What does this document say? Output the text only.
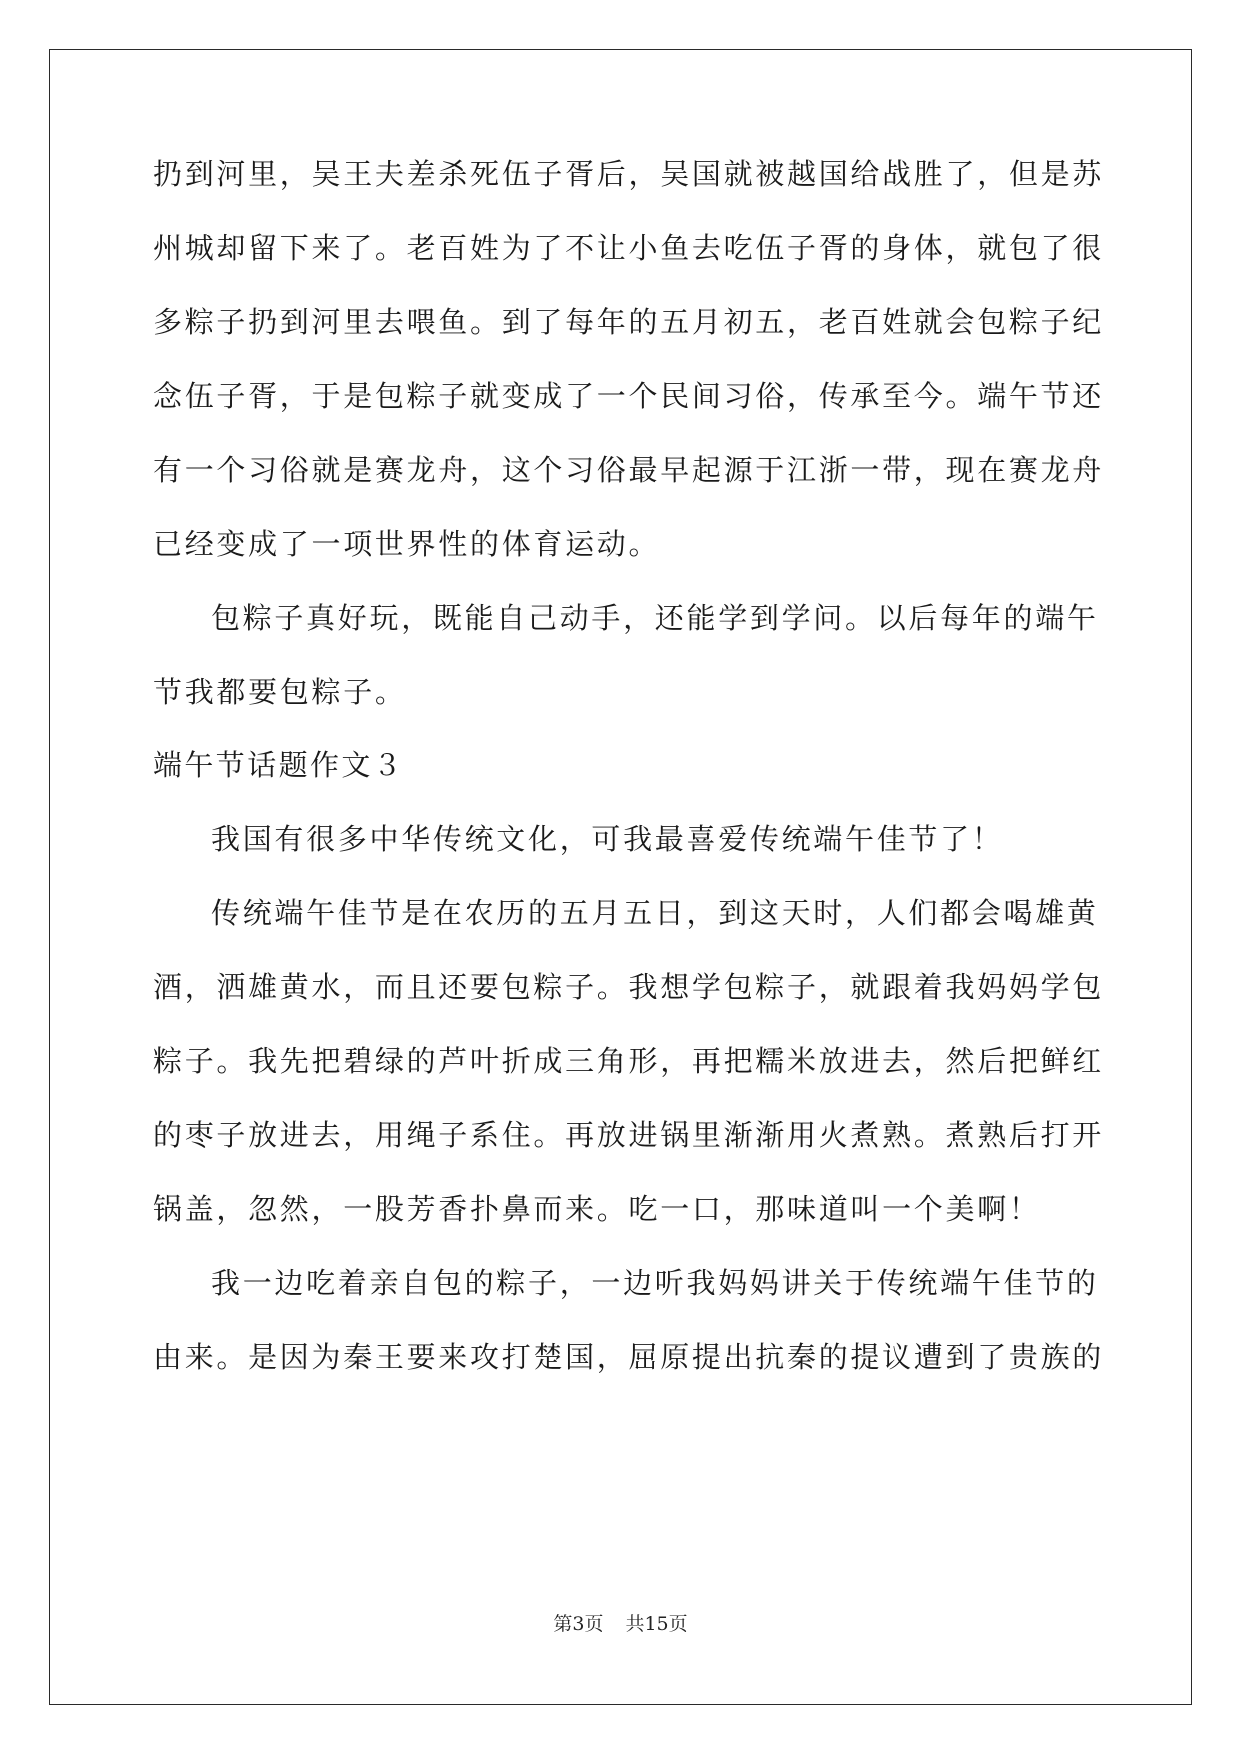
扔到河里，吴王夫差杀死伍子胥后，吴国就被越国给战胜了，但是苏
州城却留下来了。老百姓为了不让小鱼去吃伍子胥的身体，就包了很
多粽子扔到河里去喂鱼。到了每年的五月初五，老百姓就会包粽子纪
念伍子胥，于是包粽子就变成了一个民间习俗，传承至今。端午节还
有一个习俗就是赛龙舟，这个习俗最早起源于江浙一带，现在赛龙舟
已经变成了一项世界性的体育运动。
包粽子真好玩，既能自己动手，还能学到学问。以后每年的端午
节我都要包粽子。
端午节话题作文３
我国有很多中华传统文化，可我最喜爱传统端午佳节了！
传统端午佳节是在农历的五月五日，到这天时，人们都会喝雄黄
酒，洒雄黄水，而且还要包粽子。我想学包粽子，就跟着我妈妈学包
粽子。我先把碧绿的芦叶折成三角形，再把糯米放进去，然后把鲜红
的枣子放进去，用绳子系住。再放进锅里渐渐用火煮熟。煮熟后打开
锅盖，忽然，一股芳香扑鼻而来。吃一口，那味道叫一个美啊！
我一边吃着亲自包的粽子，一边听我妈妈讲关于传统端午佳节的
由来。是因为秦王要来攻打楚国，屈原提出抗秦的提议遭到了贵族的
第3页 共15页
